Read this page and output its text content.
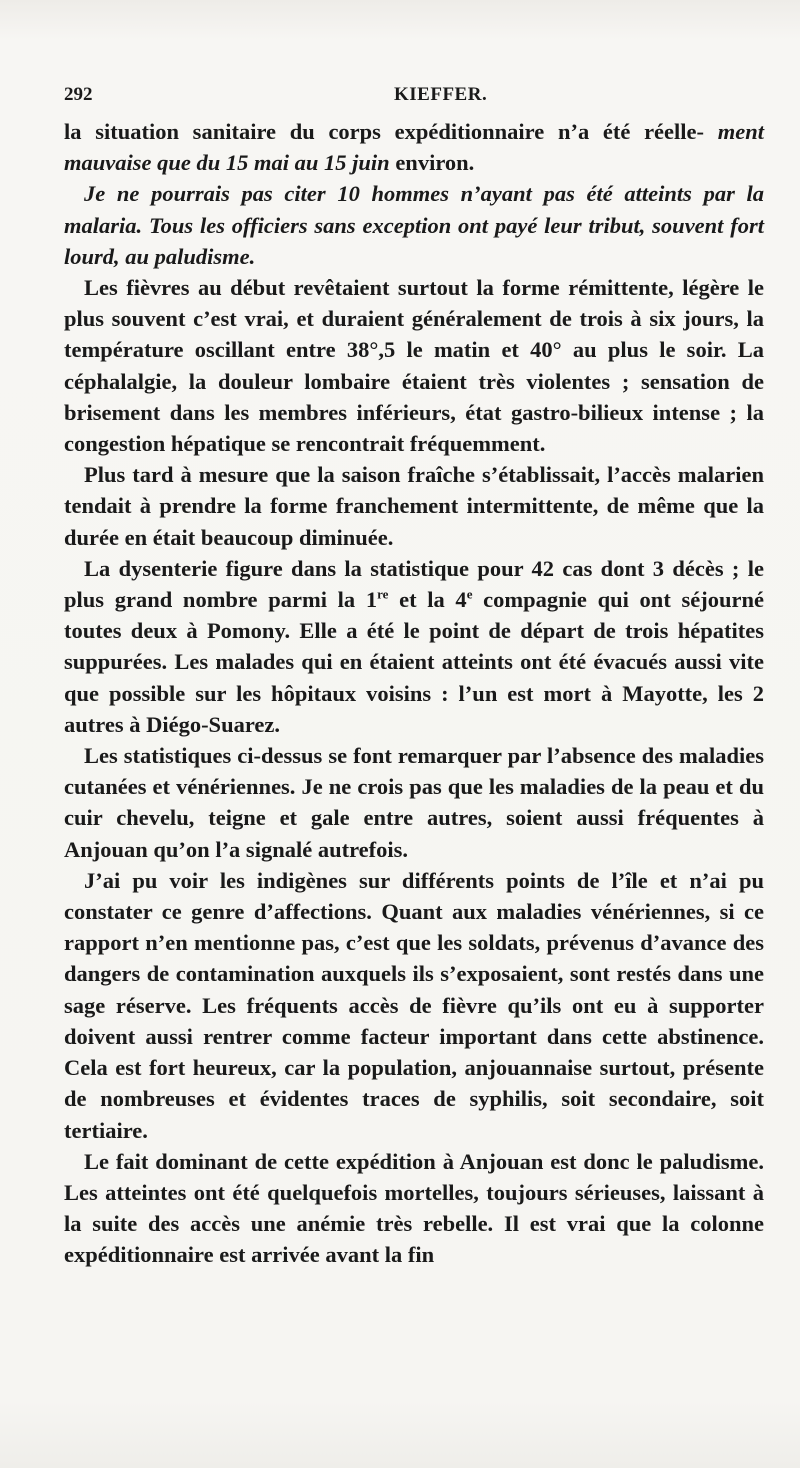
292	KIEFFER.

la situation sanitaire du corps expéditionnaire n’a été réelle- ment mauvaise que du 15 mai au 15 juin environ.

Je ne pourrais pas citer 10 hommes n’ayant pas été atteints par la malaria. Tous les officiers sans exception ont payé leur tribut, souvent fort lourd, au paludisme.

Les fièvres au début revêtaient surtout la forme rémittente, légère le plus souvent c’est vrai, et duraient généralement de trois à six jours, la température oscillant entre 38°,5 le matin et 40° au plus le soir. La céphalalgie, la douleur lombaire étaient très violentes ; sensation de brisement dans les membres inférieurs, état gastro-bilieux intense ; la congestion hépatique se rencontrait fréquemment.

Plus tard à mesure que la saison fraîche s’établissait, l’accès malarien tendait à prendre la forme franchement intermittente, de même que la durée en était beaucoup diminuée.

La dysenterie figure dans la statistique pour 42 cas dont 3 décès ; le plus grand nombre parmi la 1re et la 4e compagnie qui ont séjourné toutes deux à Pomony. Elle a été le point de départ de trois hépatites suppurées. Les malades qui en étaient atteints ont été évacués aussi vite que possible sur les hôpitaux voisins : l’un est mort à Mayotte, les 2 autres à Diégo-Suarez.

Les statistiques ci-dessus se font remarquer par l’absence des maladies cutanées et vénériennes. Je ne crois pas que les maladies de la peau et du cuir chevelu, teigne et gale entre autres, soient aussi fréquentes à Anjouan qu’on l’a signalé autrefois.

J’ai pu voir les indigènes sur différents points de l’île et n’ai pu constater ce genre d’affections. Quant aux maladies vénériennes, si ce rapport n’en mentionne pas, c’est que les soldats, prévenus d’avance des dangers de contamination auxquels ils s’exposaient, sont restés dans une sage réserve. Les fréquents accès de fièvre qu’ils ont eu à supporter doivent aussi rentrer comme facteur important dans cette abstinence. Cela est fort heureux, car la population, anjouannaise surtout, présente de nombreuses et évidentes traces de syphilis, soit secondaire, soit tertiaire.

Le fait dominant de cette expédition à Anjouan est donc le paludisme. Les atteintes ont été quelquefois mortelles, toujours sérieuses, laissant à la suite des accès une anémie très rebelle. Il est vrai que la colonne expéditionnaire est arrivée avant la fin
